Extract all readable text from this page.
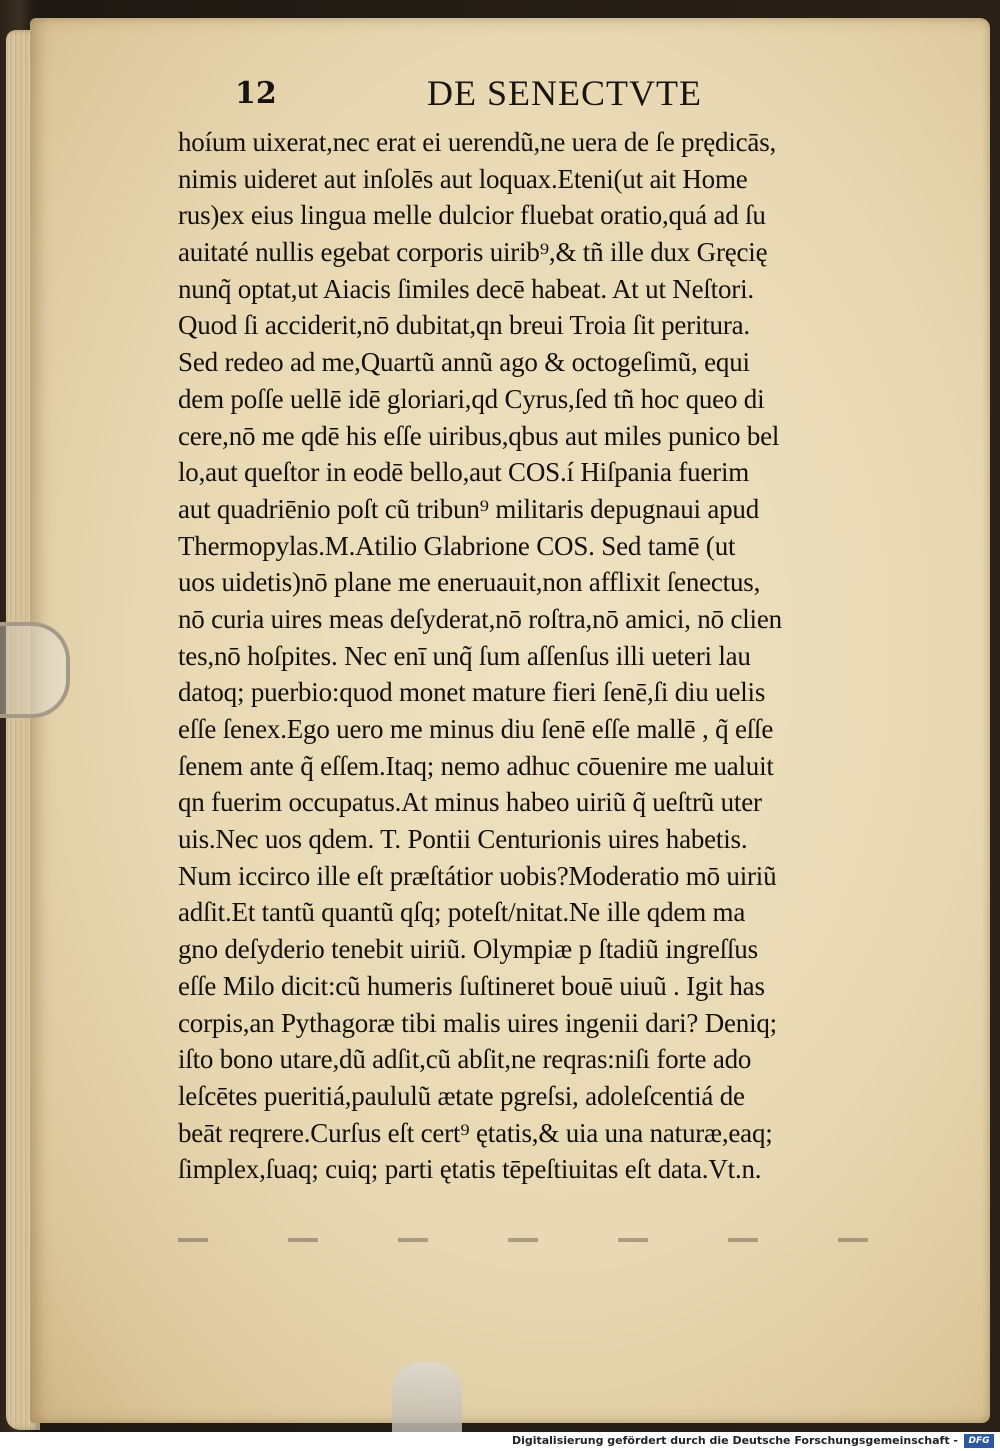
12	DE SENECTVTE
hoíum uixerat,nec erat ei uerendũ,ne uera de ſe prędicās,
nimis uideret aut inſolēs aut loquax.Eteni(ut ait Home
rus)ex eius lingua melle dulcior fluebat oratio,quá ad ſu
auitaté nullis egebat corporis uirib⁹,& tñ ille dux Gręcię
nunq̃ optat,ut Aiacis ſimiles decē habeat. At ut Neſtori.
Quod ſi acciderit,nō dubitat,qn breui Troia ſit peritura.
Sed redeo ad me,Quartũ annũ ago & octogeſimũ, equi
dem poſſe uellē idē gloriari,qd Cyrus,ſed tñ hoc queo di
cere,nō me qdē his eſſe uiribus,qbus aut miles punico bel
lo,aut queſtor in eodē bello,aut COS.í Hiſpania fuerim
aut quadriēnio poſt cũ tribun⁹ militaris depugnaui apud
Thermopylas.M.Atilio Glabrione COS. Sed tamē (ut
uos uidetis)nō plane me eneruauit,non afflixit ſenectus,
nō curia uires meas deſyderat,nō roſtra,nō amici, nō clien
tes,nō hoſpites. Nec enī unq̃ ſum aſſenſus illi ueteri lau
datoq; puerbio:quod monet mature fieri ſenē,ſi diu uelis
eſſe ſenex.Ego uero me minus diu ſenē eſſe mallē , q̃ eſſe
ſenem ante q̃ eſſem.Itaq; nemo adhuc cōuenire me ualuit
qn fuerim occupatus.At minus habeo uiriũ q̃ ueſtrũ uter
uis.Nec uos qdem. T. Pontii Centurionis uires habetis.
Num iccirco ille eſt præſtátior uobis?Moderatio mō uiriũ
adſit.Et tantũ quantũ qſq; poteſt/nitat.Ne ille qdem ma
gno deſyderio tenebit uiriũ. Olympiæ p ſtadiũ ingreſſus
eſſe Milo dicit:cũ humeris ſuſtineret bouē uiuũ . Igit has
corpis,an Pythagoræ tibi malis uires ingenii dari? Deniq;
iſto bono utare,dũ adſit,cũ abſit,ne reqras:niſi forte ado
leſcētes pueritiá,paululũ ætate pgreſsi, adoleſcentiá de
beāt reqrere.Curſus eſt cert⁹ ętatis,& uia una naturæ,eaq;
ſimplex,ſuaq; cuiq; parti ętatis tēpeſtiuitas eſt data.Vt.n.
Digitalisierung gefördert durch die Deutsche Forschungsgemeinschaft -	DFG
